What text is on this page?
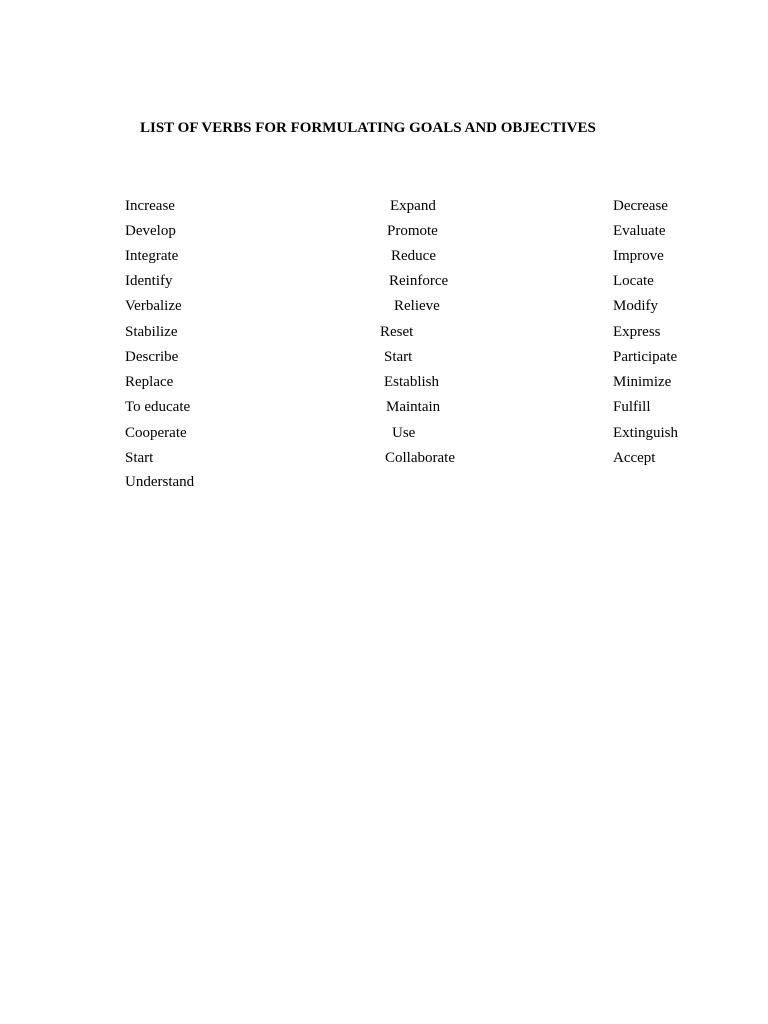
LIST OF VERBS FOR FORMULATING GOALS AND OBJECTIVES
Increase
Develop
Integrate
Identify
Verbalize
Stabilize
Describe
Replace
To educate
Cooperate
Start
Understand
Expand
Promote
Reduce
Reinforce
Relieve
Reset
Start
Establish
Maintain
Use
Collaborate
Decrease
Evaluate
Improve
Locate
Modify
Express
Participate
Minimize
Fulfill
Extinguish
Accept
